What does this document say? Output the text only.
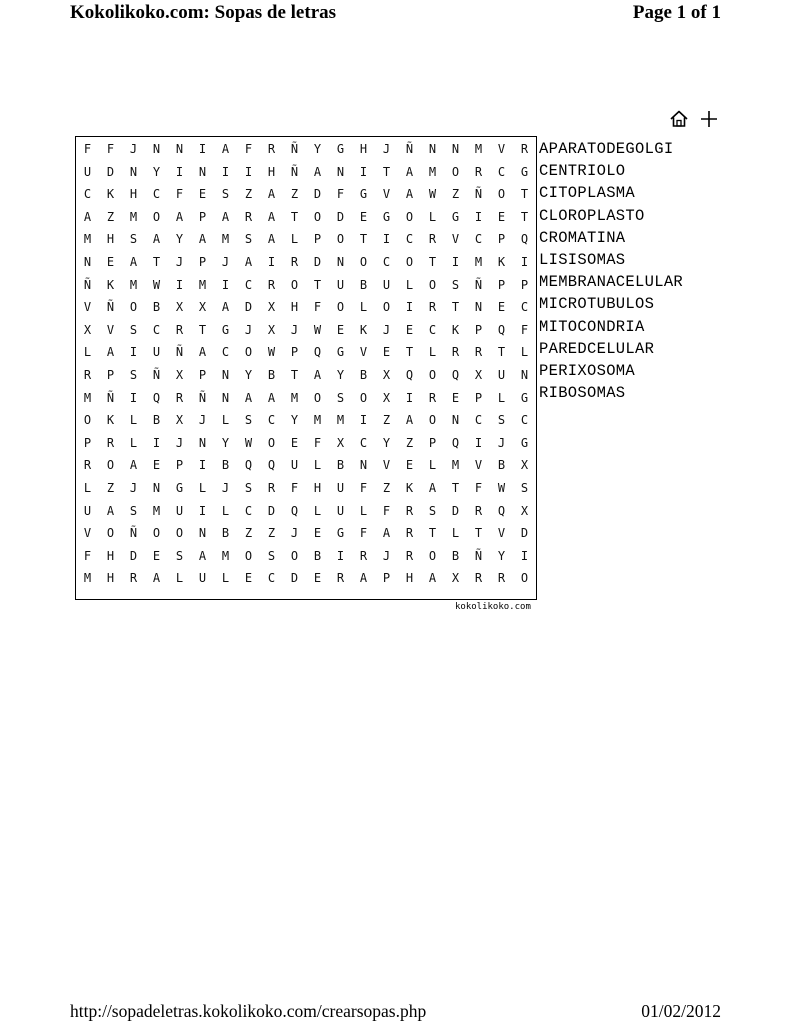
Kokolikoko.com: Sopas de letras	Page 1 of 1
F	F	J	N	N	I	A	F	R	Ñ	Y	G	H	J	Ñ	N	N	M	V	R
U	D	N	Y	I	N	I	I	H	Ñ	A	N	I	T	A	M	O	R	C	G
C	K	H	C	F	E	S	Z	A	Z	D	F	G	V	A	W	Z	Ñ	O	T
A	Z	M	O	A	P	A	R	A	T	O	D	E	G	O	L	G	I	E	T
M	H	S	A	Y	A	M	S	A	L	P	O	T	I	C	R	V	C	P	Q
N	E	A	T	J	P	J	A	I	R	D	N	O	C	O	T	I	M	K	I
Ñ	K	M	W	I	M	I	C	R	O	T	U	B	U	L	O	S	Ñ	P	P
V	Ñ	O	B	X	X	A	D	X	H	F	O	L	O	I	R	T	N	E	C
X	V	S	C	R	T	G	J	X	J	W	E	K	J	E	C	K	P	Q	F
L	A	I	U	Ñ	A	C	O	W	P	Q	G	V	E	T	L	R	R	T	L
R	P	S	Ñ	X	P	N	Y	B	T	A	Y	B	X	Q	O	Q	X	U	N
M	Ñ	I	Q	R	Ñ	N	A	A	M	O	S	O	X	I	R	E	P	L	G
O	K	L	B	X	J	L	S	C	Y	M	M	I	Z	A	O	N	C	S	C
P	R	L	I	J	N	Y	W	O	E	F	X	C	Y	Z	P	Q	I	J	G
R	O	A	E	P	I	B	Q	Q	U	L	B	N	V	E	L	M	V	B	X
L	Z	J	N	G	L	J	S	R	F	H	U	F	Z	K	A	T	F	W	S
U	A	S	M	U	I	L	C	D	Q	L	U	L	F	R	S	D	R	Q	X
V	O	Ñ	O	O	N	B	Z	Z	J	E	G	F	A	R	T	L	T	V	D
F	H	D	E	S	A	M	O	S	O	B	I	R	J	R	O	B	Ñ	Y	I
M	H	R	A	L	U	L	E	C	D	E	R	A	P	H	A	X	R	R	O
kokolikoko.com
APARATODEGOLGI
CENTRIOLO
CITOPLASMA
CLOROPLASTO
CROMATINA
LISISOMAS
MEMBRANACELULAR
MICROTUBULOS
MITOCONDRIA
PAREDCELULAR
PERIXOSOMA
RIBOSOMAS
http://sopadeletras.kokolikoko.com/crearsopas.php	01/02/2012
